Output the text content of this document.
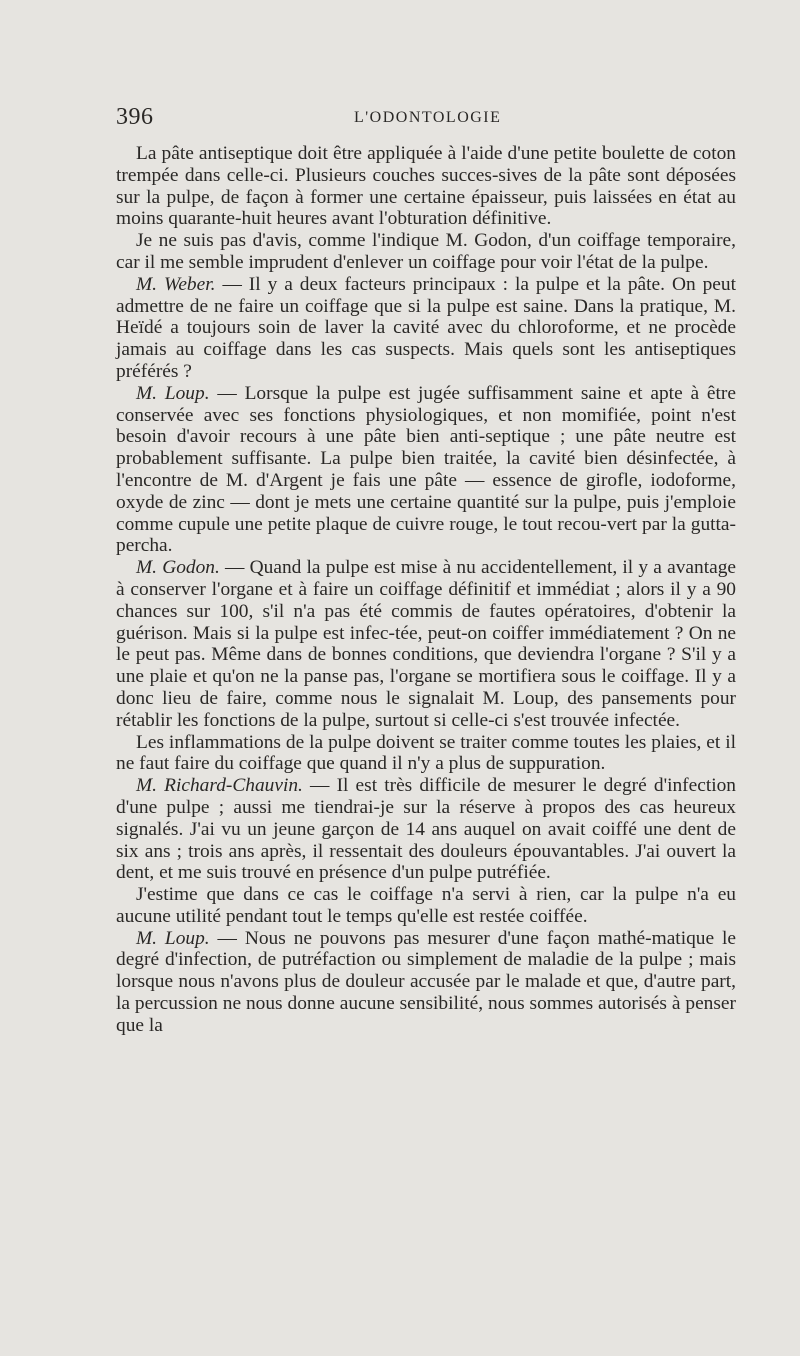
396	L'ODONTOLOGIE

La pâte antiseptique doit être appliquée à l'aide d'une petite boulette de coton trempée dans celle-ci. Plusieurs couches succes-sives de la pâte sont déposées sur la pulpe, de façon à former une certaine épaisseur, puis laissées en état au moins quarante-huit heures avant l'obturation définitive.

Je ne suis pas d'avis, comme l'indique M. Godon, d'un coiffage temporaire, car il me semble imprudent d'enlever un coiffage pour voir l'état de la pulpe.

M. Weber. — Il y a deux facteurs principaux : la pulpe et la pâte. On peut admettre de ne faire un coiffage que si la pulpe est saine. Dans la pratique, M. Heïdé a toujours soin de laver la cavité avec du chloroforme, et ne procède jamais au coiffage dans les cas suspects. Mais quels sont les antiseptiques préférés ?

M. Loup. — Lorsque la pulpe est jugée suffisamment saine et apte à être conservée avec ses fonctions physiologiques, et non momifiée, point n'est besoin d'avoir recours à une pâte bien anti-septique ; une pâte neutre est probablement suffisante. La pulpe bien traitée, la cavité bien désinfectée, à l'encontre de M. d'Argent je fais une pâte — essence de girofle, iodoforme, oxyde de zinc — dont je mets une certaine quantité sur la pulpe, puis j'emploie comme cupule une petite plaque de cuivre rouge, le tout recou-vert par la gutta-percha.

M. Godon. — Quand la pulpe est mise à nu accidentellement, il y a avantage à conserver l'organe et à faire un coiffage définitif et immédiat ; alors il y a 90 chances sur 100, s'il n'a pas été commis de fautes opératoires, d'obtenir la guérison. Mais si la pulpe est infec-tée, peut-on coiffer immédiatement ? On ne le peut pas. Même dans de bonnes conditions, que deviendra l'organe ? S'il y a une plaie et qu'on ne la panse pas, l'organe se mortifiera sous le coiffage. Il y a donc lieu de faire, comme nous le signalait M. Loup, des pansements pour rétablir les fonctions de la pulpe, surtout si celle-ci s'est trouvée infectée.

Les inflammations de la pulpe doivent se traiter comme toutes les plaies, et il ne faut faire du coiffage que quand il n'y a plus de suppuration.

M. Richard-Chauvin. — Il est très difficile de mesurer le degré d'infection d'une pulpe ; aussi me tiendrai-je sur la réserve à propos des cas heureux signalés. J'ai vu un jeune garçon de 14 ans auquel on avait coiffé une dent de six ans ; trois ans après, il ressentait des douleurs épouvantables. J'ai ouvert la dent, et me suis trouvé en présence d'un pulpe putréfiée.

J'estime que dans ce cas le coiffage n'a servi à rien, car la pulpe n'a eu aucune utilité pendant tout le temps qu'elle est restée coiffée.

M. Loup. — Nous ne pouvons pas mesurer d'une façon mathé-matique le degré d'infection, de putréfaction ou simplement de maladie de la pulpe ; mais lorsque nous n'avons plus de douleur accusée par le malade et que, d'autre part, la percussion ne nous donne aucune sensibilité, nous sommes autorisés à penser que la
